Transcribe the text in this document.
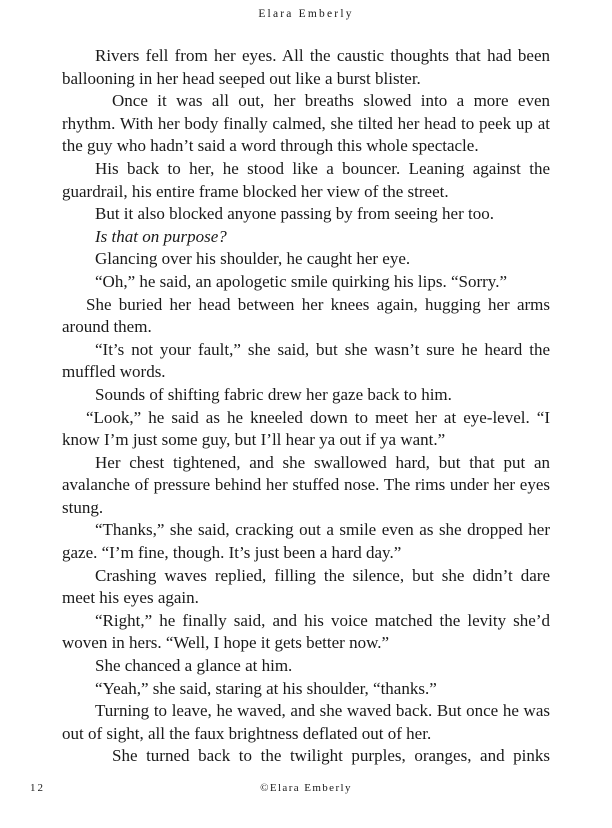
Elara Emberly

Rivers fell from her eyes. All the caustic thoughts that had been ballooning in her head seeped out like a burst blister.

Once it was all out, her breaths slowed into a more even rhythm. With her body finally calmed, she tilted her head to peek up at the guy who hadn’t said a word through this whole spectacle.

His back to her, he stood like a bouncer. Leaning against the guardrail, his entire frame blocked her view of the street.

But it also blocked anyone passing by from seeing her too.

Is that on purpose?

Glancing over his shoulder, he caught her eye.

“Oh,” he said, an apologetic smile quirking his lips. “Sorry.”

She buried her head between her knees again, hugging her arms around them.

“It’s not your fault,” she said, but she wasn’t sure he heard the muffled words.

Sounds of shifting fabric drew her gaze back to him.

“Look,” he said as he kneeled down to meet her at eye-level. “I know I’m just some guy, but I’ll hear ya out if ya want.”

Her chest tightened, and she swallowed hard, but that put an avalanche of pressure behind her stuffed nose. The rims under her eyes stung.

“Thanks,” she said, cracking out a smile even as she dropped her gaze. “I’m fine, though. It’s just been a hard day.”

Crashing waves replied, filling the silence, but she didn’t dare meet his eyes again.

“Right,” he finally said, and his voice matched the levity she’d woven in hers. “Well, I hope it gets better now.”

She chanced a glance at him.

“Yeah,” she said, staring at his shoulder, “thanks.”

Turning to leave, he waved, and she waved back. But once he was out of sight, all the faux brightness deflated out of her.

She turned back to the twilight purples, oranges, and pinks

12	©Elara Emberly
